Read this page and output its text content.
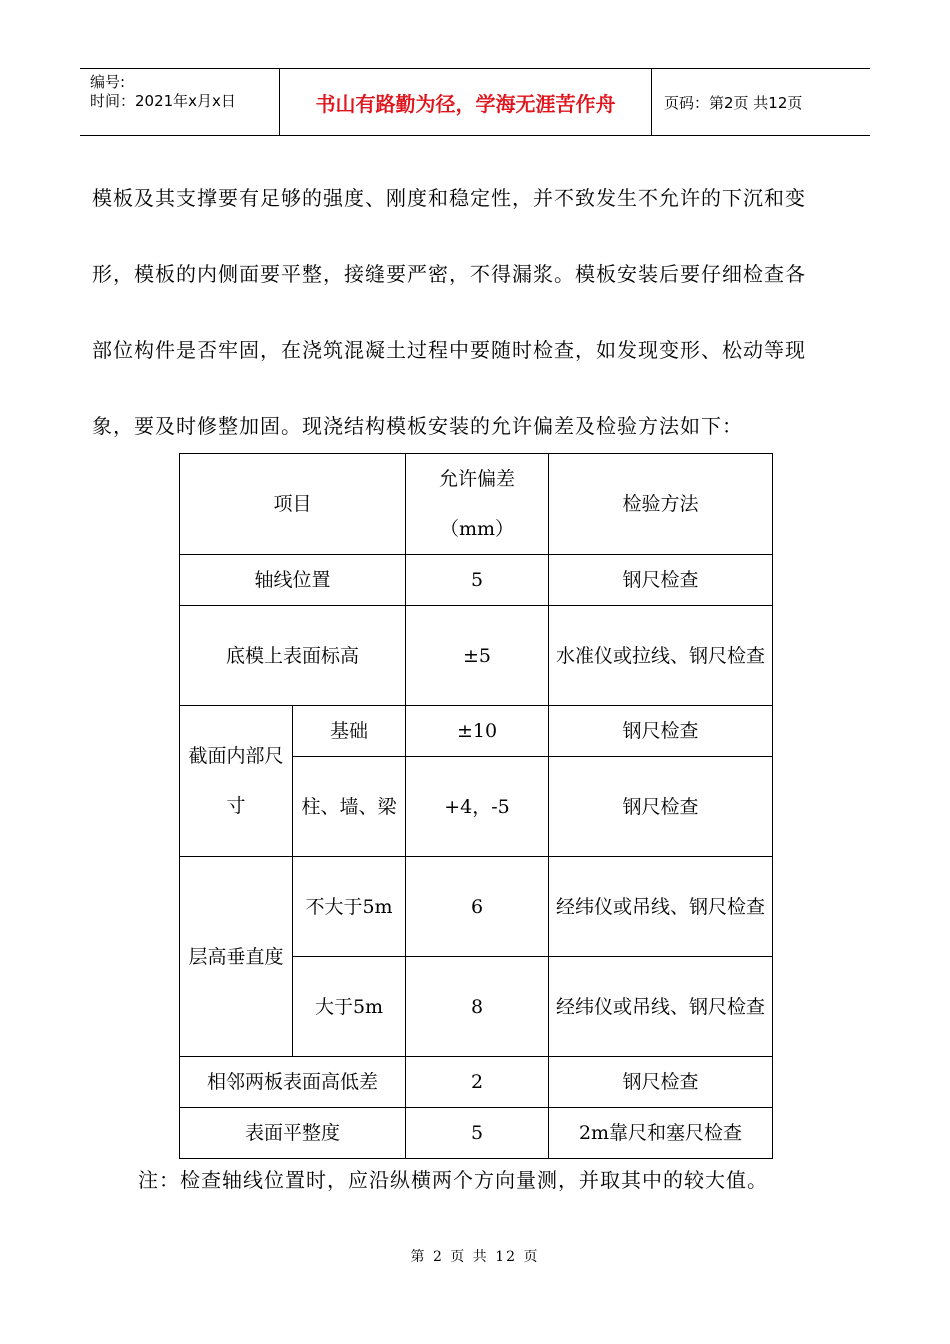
编号:
时间：2021年x月x日	书山有路勤为径，学海无涯苦作舟	页码：第2页 共12页

模板及其支撑要有足够的强度、刚度和稳定性，并不致发生不允许的下沉和变

形，模板的内侧面要平整，接缝要严密，不得漏浆。模板安装后要仔细检查各

部位构件是否牢固，在浇筑混凝土过程中要随时检查，如发现变形、松动等现

象，要及时修整加固。现浇结构模板安装的允许偏差及检验方法如下：

项目		允许偏差（mm）	检验方法
轴线位置		5	钢尺检查
底模上表面标高		±5	水准仪或拉线、钢尺检查
截面内部尺寸	基础	±10	钢尺检查
	柱、墙、梁	+4，-5	钢尺检查
层高垂直度	不大于5m	6	经纬仪或吊线、钢尺检查
	大于5m	8	经纬仪或吊线、钢尺检查
相邻两板表面高低差		2	钢尺检查
表面平整度		5	2m靠尺和塞尺检查
注：检查轴线位置时，应沿纵横两个方向量测，并取其中的较大值。
第 2 页 共 12 页
